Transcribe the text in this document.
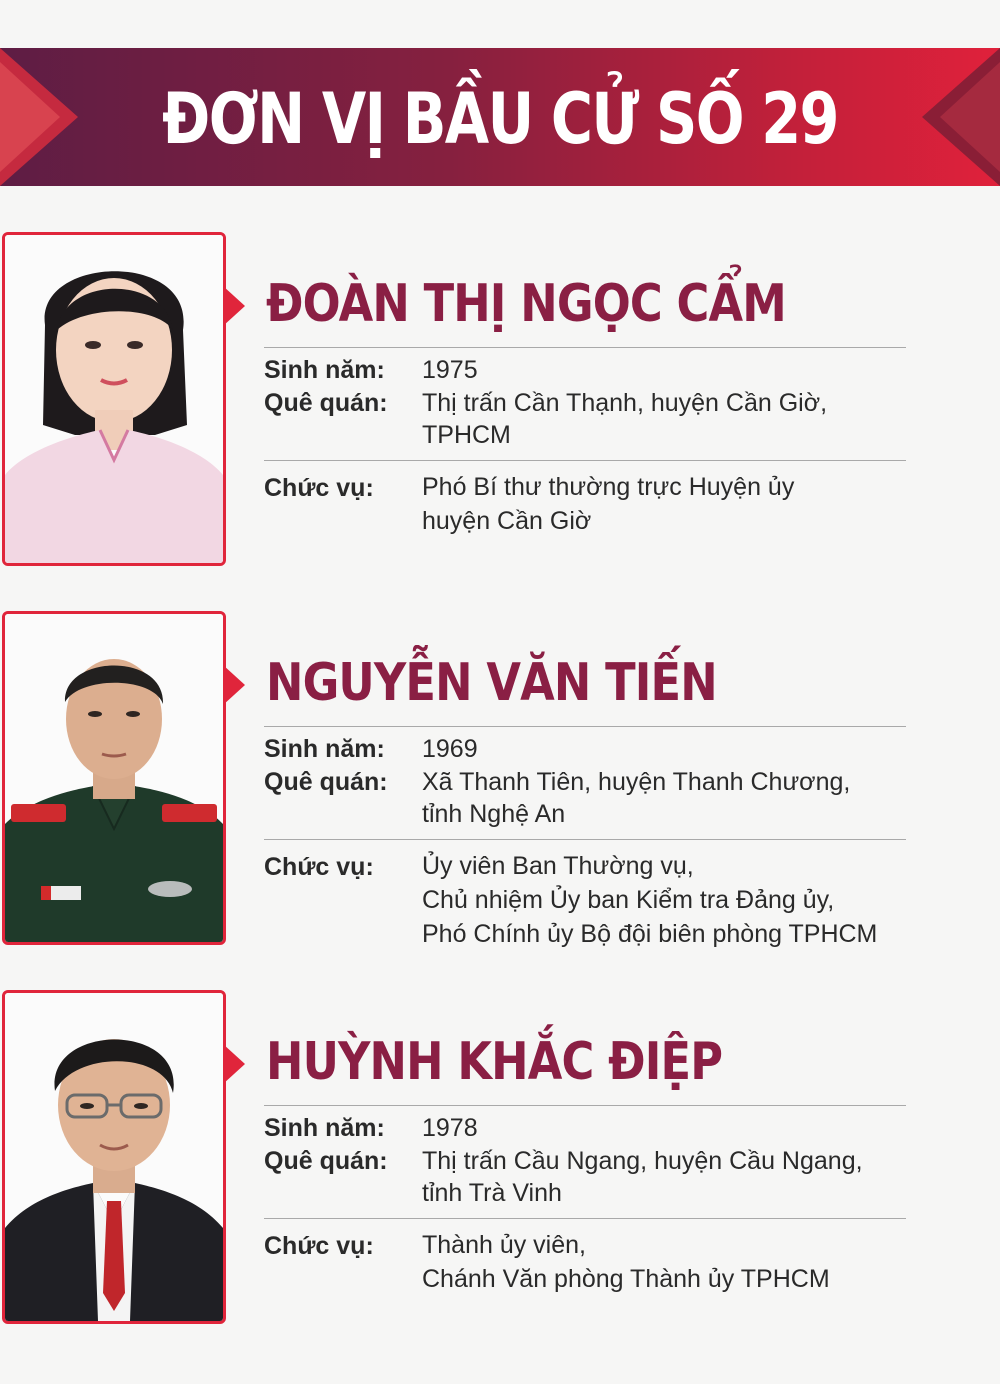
ĐƠN VỊ BẦU CỬ SỐ 29
ĐOÀN THỊ NGỌC CẨM
Sinh năm: 1975
Quê quán: Thị trấn Cần Thạnh, huyện Cần Giờ,
TPHCM
Chức vụ: Phó Bí thư thường trực Huyện ủy
huyện Cần Giờ
NGUYỄN VĂN TIẾN
Sinh năm: 1969
Quê quán: Xã Thanh Tiên, huyện Thanh Chương,
tỉnh Nghệ An
Chức vụ: Ủy viên Ban Thường vụ,
Chủ nhiệm Ủy ban Kiểm tra Đảng ủy,
Phó Chính ủy Bộ đội biên phòng TPHCM
HUỲNH KHẮC ĐIỆP
Sinh năm: 1978
Quê quán: Thị trấn Cầu Ngang, huyện Cầu Ngang,
tỉnh Trà Vinh
Chức vụ: Thành ủy viên,
Chánh Văn phòng Thành ủy TPHCM
